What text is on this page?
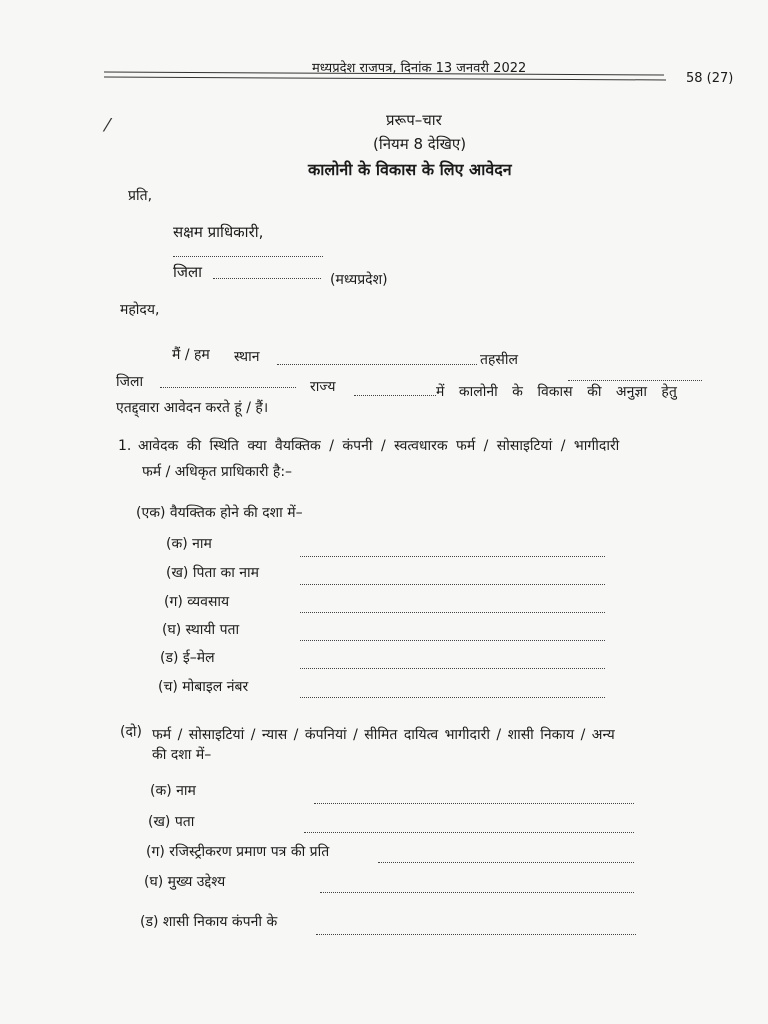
मध्यप्रदेश राजपत्र, दिनांक 13 जनवरी 2022
58 (27)
⁄	प्ररूप–चार
(नियम 8 देखिए)
कालोनी के विकास के लिए आवेदन
प्रति,
सक्षम प्राधिकारी,
जिला	(मध्यप्रदेश)
महोदय,
मैं / हम स्थान	तहसील
जिला	राज्य	में कालोनी के विकास की अनुज्ञा हेतु
एतद्द्वारा आवेदन करते हूं / हैं।
1. आवेदक की स्थिति क्या वैयक्तिक / कंपनी / स्वत्वधारक फर्म / सोसाइटियां / भागीदारी
फर्म / अधिकृत प्राधिकारी है:–
(एक) वैयक्तिक होने की दशा में–
(क) नाम
(ख) पिता का नाम
(ग) व्यवसाय
(घ) स्थायी पता
(ड) ई–मेल
(च) मोबाइल नंबर
(दो) फर्म / सोसाइटियां / न्यास / कंपनियां / सीमित दायित्व भागीदारी / शासी निकाय / अन्य
की दशा में–
(क) नाम
(ख) पता
(ग) रजिस्ट्रीकरण प्रमाण पत्र की प्रति
(घ) मुख्य उद्देश्य
(ड) शासी निकाय कंपनी के
